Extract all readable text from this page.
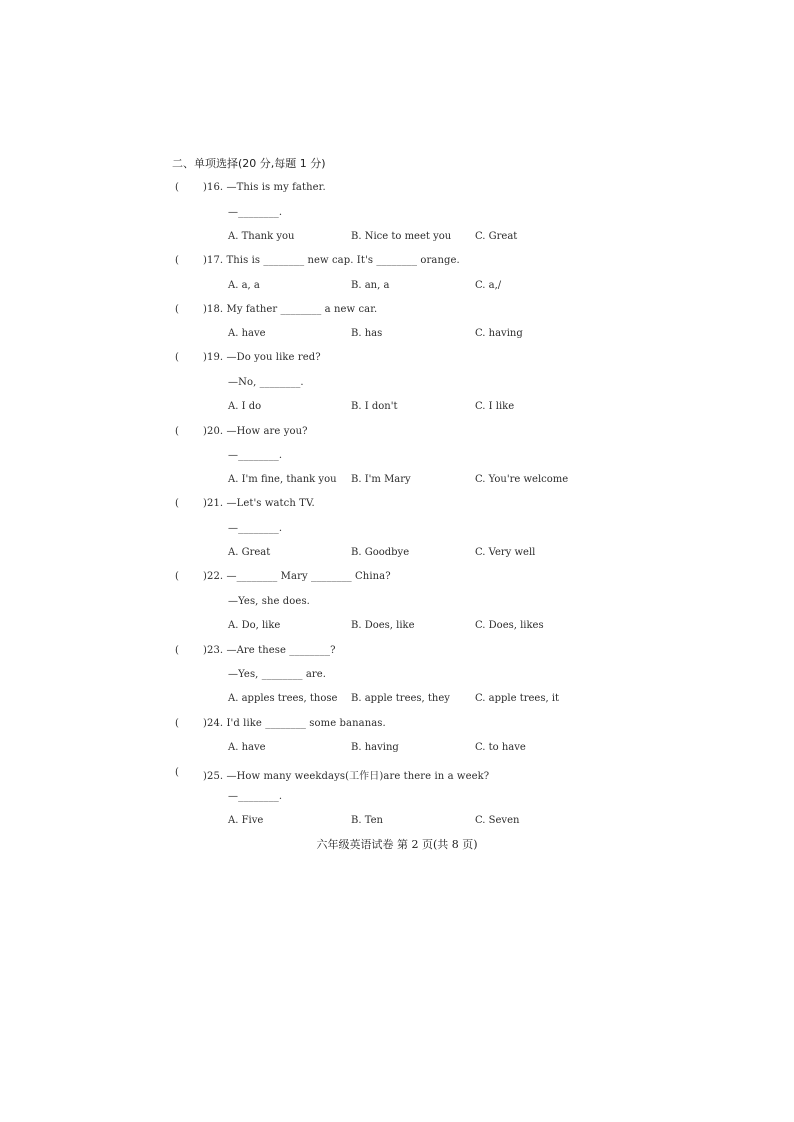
二、单项选择(20 分,每题 1 分)
( )16. —This is my father.
—________.
A. Thank you	B. Nice to meet you C. Great
( )17. This is ________ new cap. It's ________ orange.
A. a, a	B. an, a	C. a,/
( )18. My father ________ a new car.
A. have	B. has	C. having
( )19. —Do you like red?
—No, ________.
A. I do	B. I don't	C. I like
( )20. —How are you?
—________.
A. I'm fine, thank you B. I'm Mary	C. You're welcome
( )21. —Let's watch TV.
—________.
A. Great	B. Goodbye	C. Very well
( )22. —________ Mary ________ China?
—Yes, she does.
A. Do, like	B. Does, like	C. Does, likes
( )23. —Are these ________?
—Yes, ________ are.
A. apples trees, those B. apple trees, they	C. apple trees, it
( )24. I'd like ________ some bananas.
A. have	B. having	C. to have
( )25. —How many weekdays(工作日)are there in a week?
—________.
A. Five	B. Ten	C. Seven
六年级英语试卷 第 2 页(共 8 页)
